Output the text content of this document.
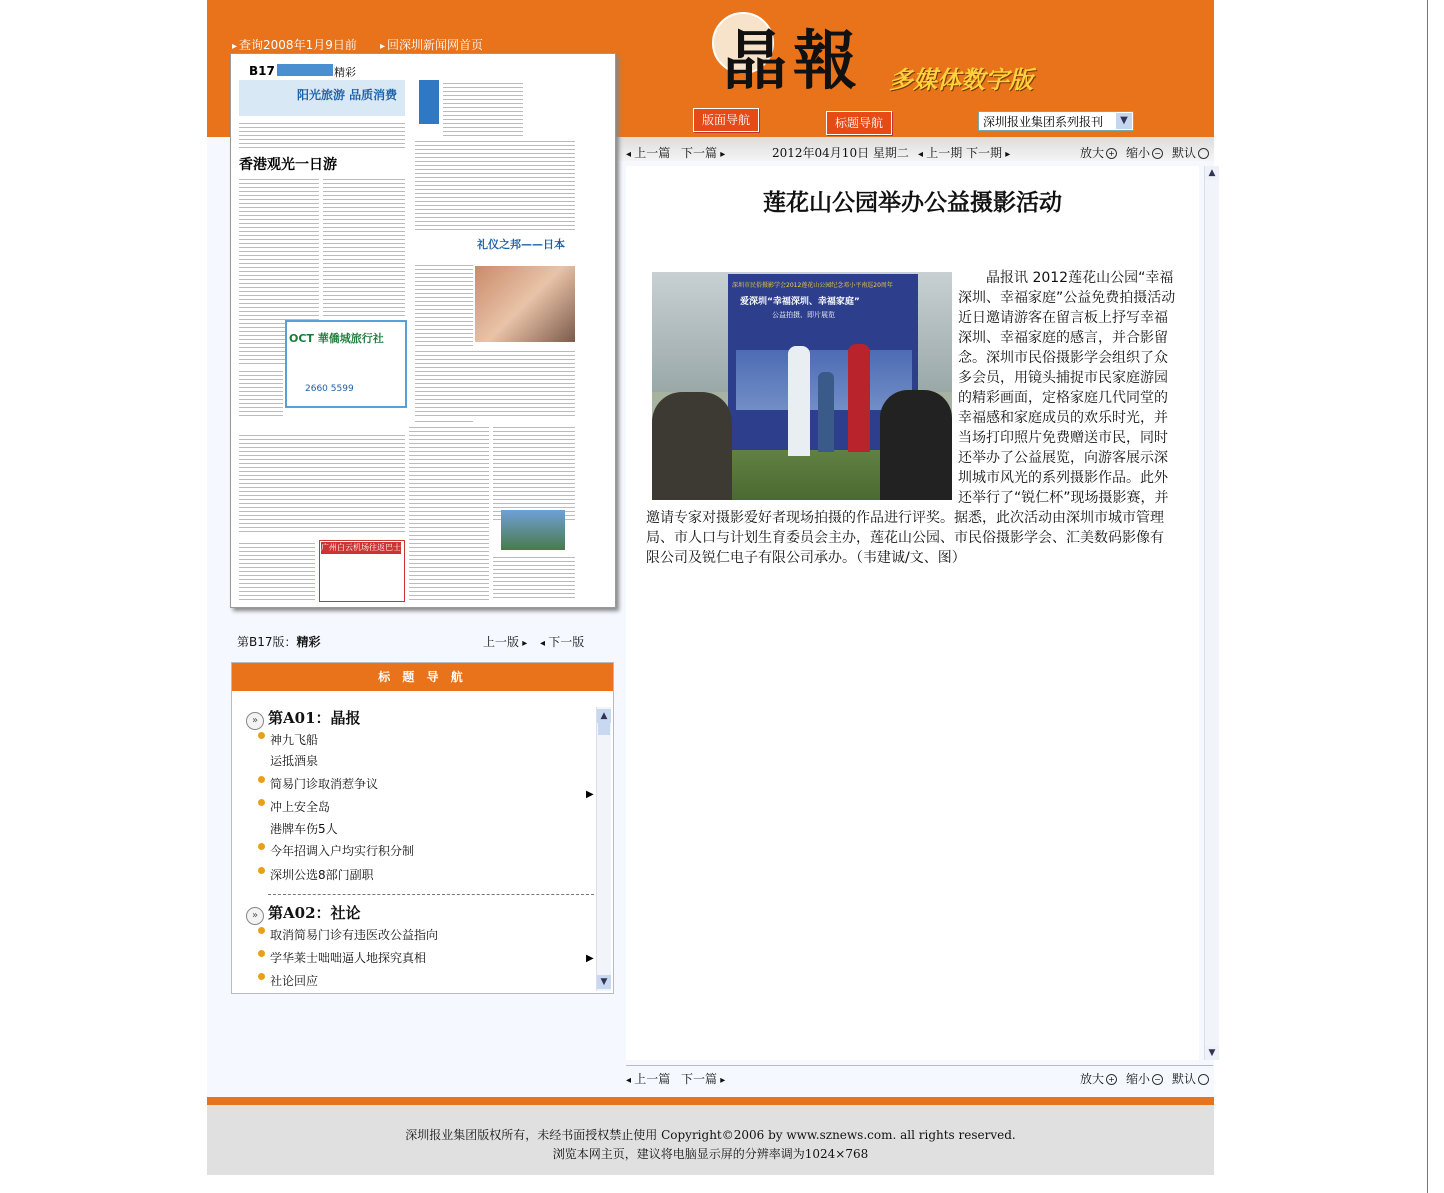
晶報 多媒体数字版
▸ 查询2008年1月9日前	▸ 回深圳新闻网首页
版面导航	标题导航	深圳报业集团系列报刊	▼
◂ 上一篇 下一篇 ▸	2012年04月10日 星期二	◂ 上一期 下一期 ▸	放大 + 缩小 − 默认
B17	精彩
阳光旅游 品质消费
香港观光一日游
OCT 華僑城旅行社
2660 5599
礼仪之邦——日本
广州白云机场往返巴士
第B17版：精彩	上一版 ▸	◂ 下一版
标 题 导 航
» 第A01：晶报
神九飞船
运抵酒泉
简易门诊取消惹争议
冲上安全岛
港牌车伤5人
今年招调入户均实行积分制
深圳公选8部门副职
▶
» 第A02：社论
取消简易门诊有违医改公益指向
学华莱士咄咄逼人地探究真相
社论回应
▶
▲
▼
莲花山公园举办公益摄影活动
深圳市民俗摄影学会2012莲花山公园纪念邓小平南巡20周年
爱深圳“幸福深圳、幸福家庭”
公益拍摄、即片展览
晶报讯 2012莲花山公园“幸福深圳、幸福家庭”公益免费拍摄活动近日邀请游客在留言板上抒写幸福深圳、幸福家庭的感言，并合影留念。深圳市民俗摄影学会组织了众多会员，用镜头捕捉市民家庭游园的精彩画面，定格家庭几代同堂的幸福感和家庭成员的欢乐时光，并当场打印照片免费赠送市民，同时还举办了公益展览，向游客展示深圳城市风光的系列摄影作品。此外还举行了“锐仁杯”现场摄影赛，并邀请专家对摄影爱好者现场拍摄的作品进行评奖。据悉，此次活动由深圳市城市管理局、市人口与计划生育委员会主办，莲花山公园、市民俗摄影学会、汇美数码影像有限公司及锐仁电子有限公司承办。（韦建诚/文、图）
▲
▼
◂ 上一篇 下一篇 ▸	放大 + 缩小 − 默认
深圳报业集团版权所有，未经书面授权禁止使用 Copyright©2006 by www.sznews.com. all rights reserved.
浏览本网主页，建议将电脑显示屏的分辨率调为1024×768
